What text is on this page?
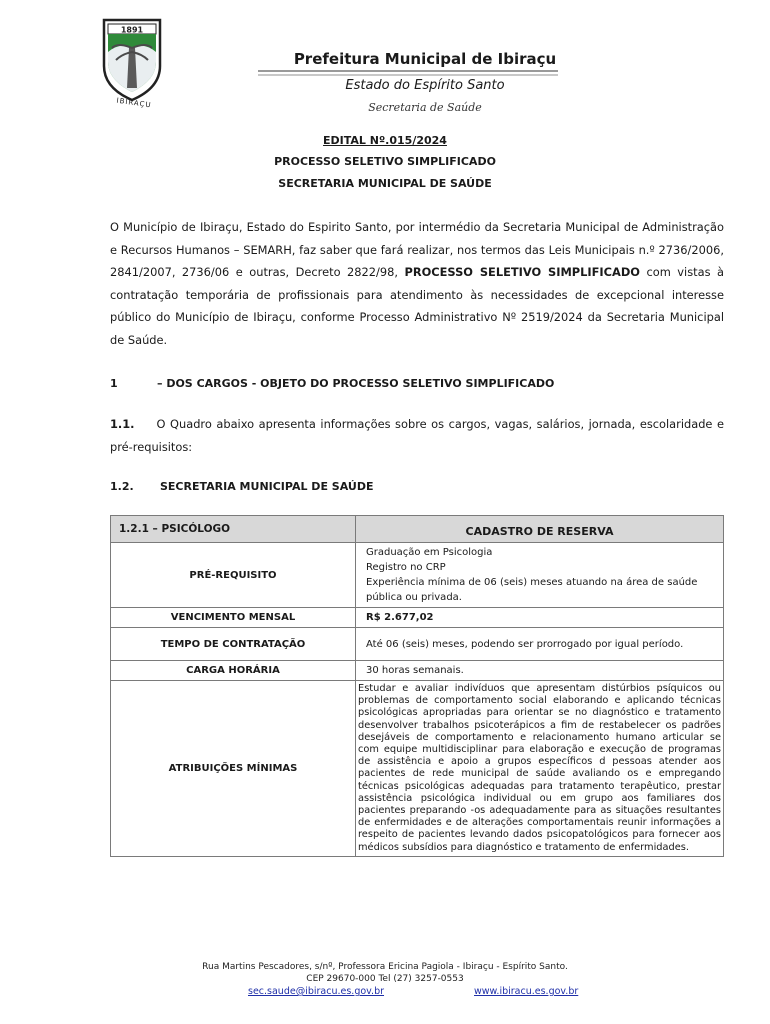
1891
IBIRAÇU
Prefeitura Municipal de Ibiraçu
Estado do Espírito Santo
Secretaria de Saúde
EDITAL Nº.015/2024
PROCESSO SELETIVO SIMPLIFICADO
SECRETARIA MUNICIPAL DE SAÚDE
O Município de Ibiraçu, Estado do Espirito Santo, por intermédio da Secretaria Municipal de Administração e Recursos Humanos – SEMARH, faz saber que fará realizar, nos termos das Leis Municipais n.º 2736/2006, 2841/2007, 2736/06 e outras, Decreto 2822/98, PROCESSO SELETIVO SIMPLIFICADO com vistas à contratação temporária de profissionais para atendimento às necessidades de excepcional interesse público do Município de Ibiraçu, conforme Processo Administrativo Nº 2519/2024 da Secretaria Municipal de Saúde.
1	– DOS CARGOS - OBJETO DO PROCESSO SELETIVO SIMPLIFICADO
1.1. O Quadro abaixo apresenta informações sobre os cargos, vagas, salários, jornada, escolaridade e pré-requisitos:
1.2. SECRETARIA MUNICIPAL DE SAÚDE
1.2.1 – PSICÓLOGO	CADASTRO DE RESERVA
PRÉ-REQUISITO	Graduação em Psicologia
Registro no CRP
Experiência mínima de 06 (seis) meses atuando na área de saúde pública ou privada.
VENCIMENTO MENSAL	R$ 2.677,02
TEMPO DE CONTRATAÇÃO	Até 06 (seis) meses, podendo ser prorrogado por igual período.
CARGA HORÁRIA	30 horas semanais.
ATRIBUIÇÕES MÍNIMAS	Estudar e avaliar indivíduos que apresentam distúrbios psíquicos ou problemas de comportamento social elaborando e aplicando técnicas psicológicas apropriadas para orientar se no diagnóstico e tratamento desenvolver trabalhos psicoterápicos a fim de restabelecer os padrões desejáveis de comportamento e relacionamento humano articular se com equipe multidisciplinar para elaboração e execução de programas de assistência e apoio a grupos específicos d pessoas atender aos pacientes de rede municipal de saúde avaliando os e empregando técnicas psicológicas adequadas para tratamento terapêutico, prestar assistência psicológica individual ou em grupo aos familiares dos pacientes preparando -os adequadamente para as situações resultantes de enfermidades e de alterações comportamentais reunir informações a respeito de pacientes levando dados psicopatológicos para fornecer aos médicos subsídios para diagnóstico e tratamento de enfermidades.
Rua Martins Pescadores, s/nº, Professora Ericina Pagiola - Ibiraçu - Espírito Santo.
CEP 29670-000 Tel (27) 3257-0553
sec.saude@ibiracu.es.gov.br	www.ibiracu.es.gov.br
